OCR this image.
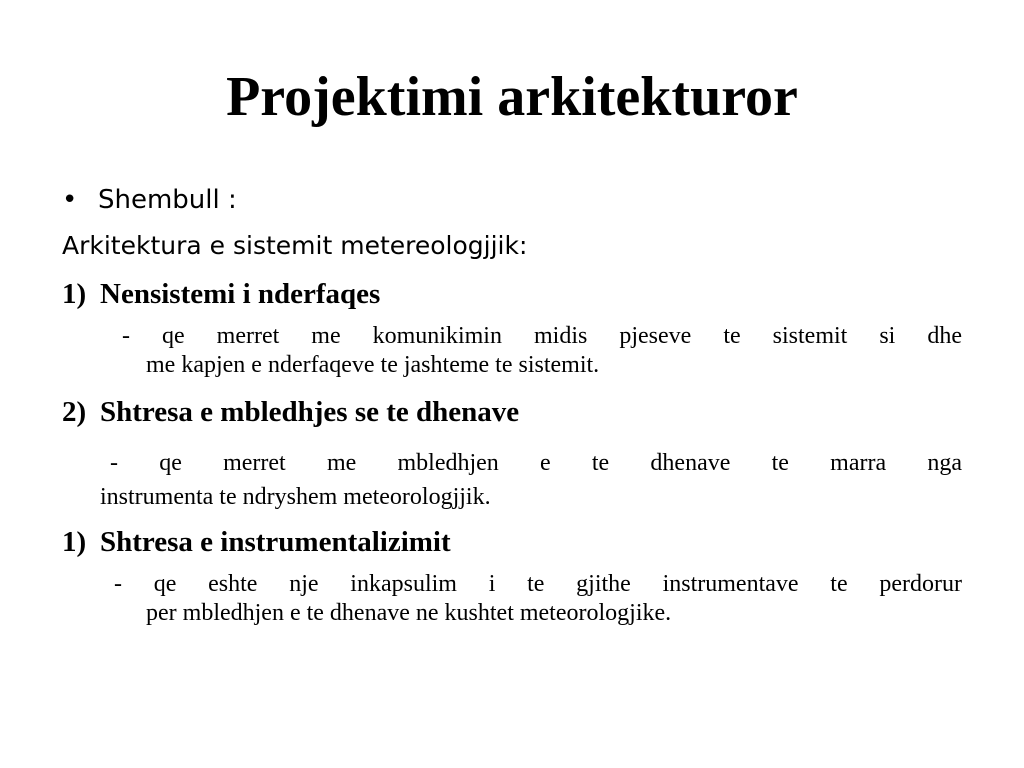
Projektimi arkitekturor
• Shembull :
Arkitektura e sistemit metereologjjik:
1) Nensistemi i nderfaqes
- qe merret me komunikimin midis pjeseve te sistemit si dhe
me kapjen e nderfaqeve te jashteme te sistemit.
2) Shtresa e mbledhjes se te dhenave
- qe merret me mbledhjen e te dhenave te marra nga
instrumenta te ndryshem meteorologjjik.
1) Shtresa e instrumentalizimit
- qe eshte nje inkapsulim i te gjithe instrumentave te perdorur
per mbledhjen e te dhenave ne kushtet meteorologjike.
